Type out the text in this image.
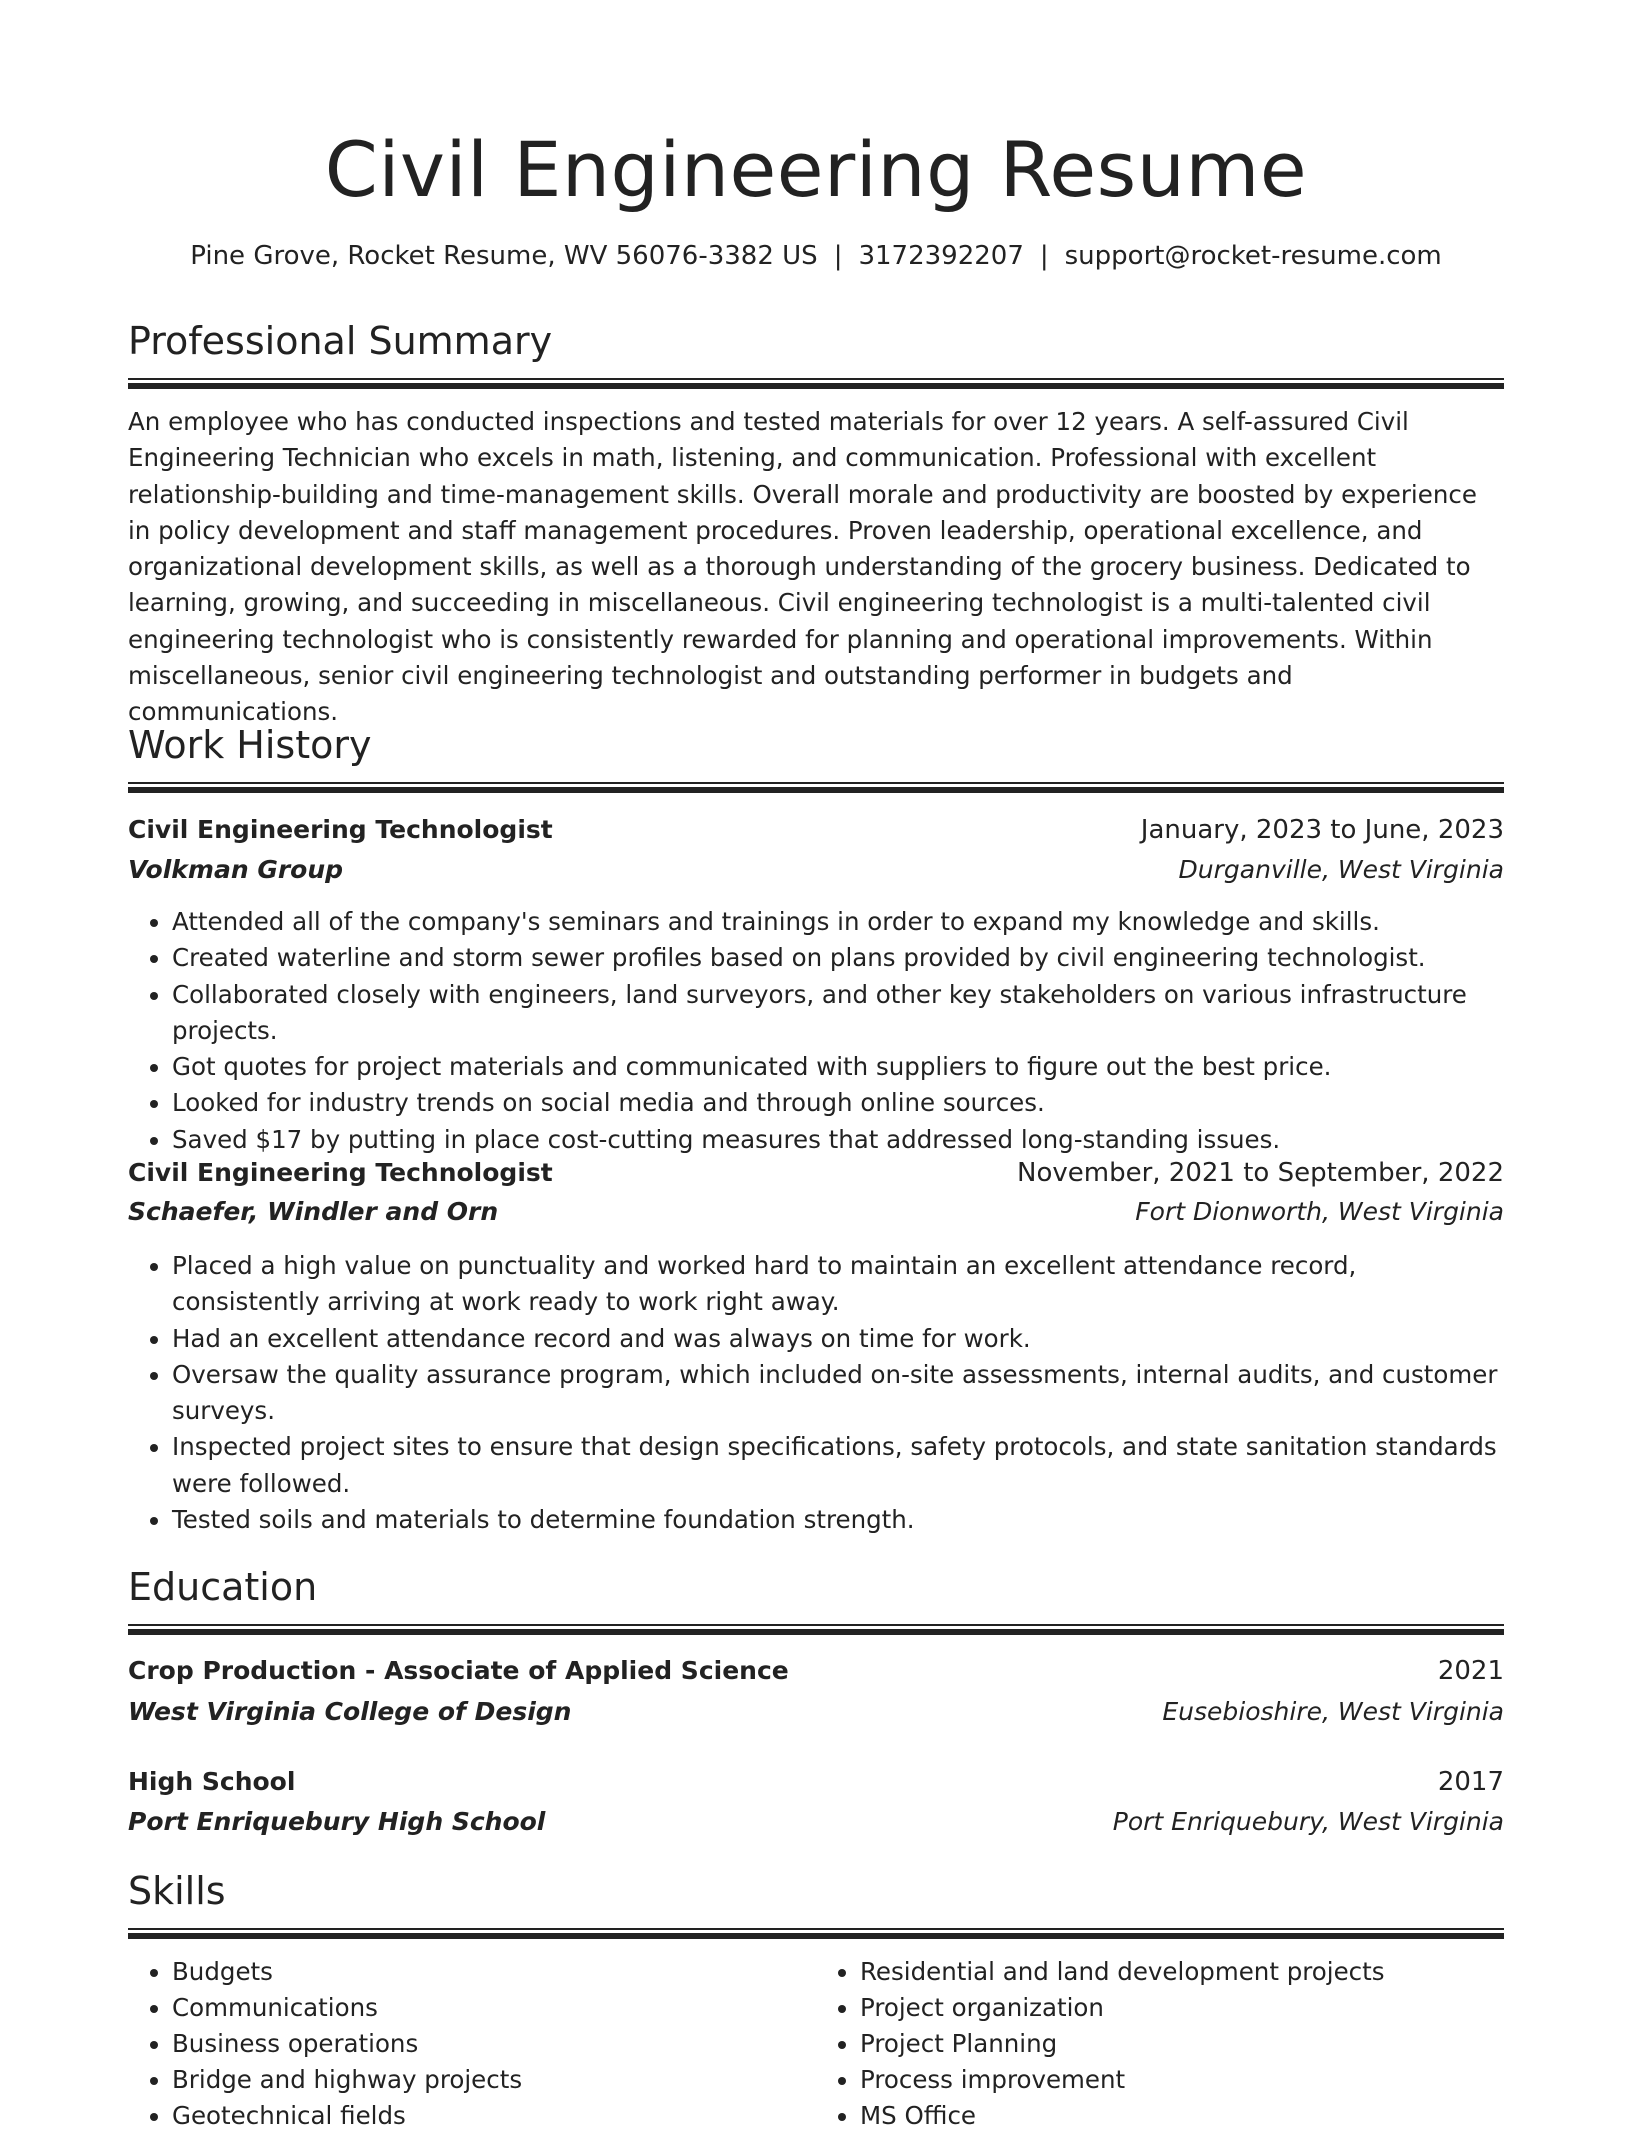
Civil Engineering Resume
Pine Grove, Rocket Resume, WV 56076-3382 US | 3172392207 | support@rocket-resume.com
Professional Summary

An employee who has conducted inspections and tested materials for over 12 years. A self-assured Civil Engineering Technician who excels in math, listening, and communication. Professional with excellent relationship-building and time-management skills. Overall morale and productivity are boosted by experience in policy development and staff management procedures. Proven leadership, operational excellence, and organizational development skills, as well as a thorough understanding of the grocery business. Dedicated to learning, growing, and succeeding in miscellaneous. Civil engineering technologist is a multi-talented civil engineering technologist who is consistently rewarded for planning and operational improvements. Within miscellaneous, senior civil engineering technologist and outstanding performer in budgets and communications.

Work History
Civil Engineering Technologist	January, 2023 to June, 2023
Volkman Group	Durganville, West Virginia
• Attended all of the company's seminars and trainings in order to expand my knowledge and skills.
• Created waterline and storm sewer profiles based on plans provided by civil engineering technologist.
• Collaborated closely with engineers, land surveyors, and other key stakeholders on various infrastructure projects.
• Got quotes for project materials and communicated with suppliers to figure out the best price.
• Looked for industry trends on social media and through online sources.
• Saved $17 by putting in place cost-cutting measures that addressed long-standing issues.
Civil Engineering Technologist	November, 2021 to September, 2022
Schaefer, Windler and Orn	Fort Dionworth, West Virginia
• Placed a high value on punctuality and worked hard to maintain an excellent attendance record, consistently arriving at work ready to work right away.
• Had an excellent attendance record and was always on time for work.
• Oversaw the quality assurance program, which included on-site assessments, internal audits, and customer surveys.
• Inspected project sites to ensure that design specifications, safety protocols, and state sanitation standards were followed.
• Tested soils and materials to determine foundation strength.
Education
Crop Production - Associate of Applied Science	2021
West Virginia College of Design	Eusebioshire, West Virginia
High School	2017
Port Enriquebury High School	Port Enriquebury, West Virginia
Skills
• Budgets
• Communications
• Business operations
• Bridge and highway projects
• Geotechnical fields
• Residential and land development projects
• Project organization
• Project Planning
• Process improvement
• MS Office
